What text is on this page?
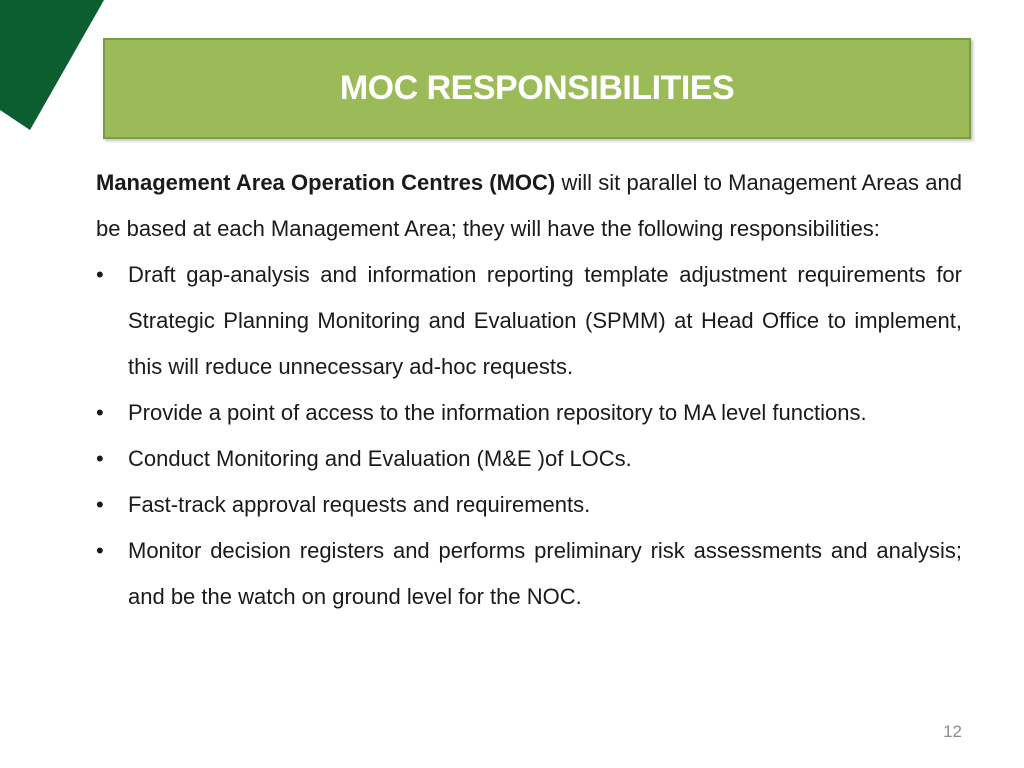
MOC RESPONSIBILITIES

Management Area Operation Centres (MOC) will sit parallel to Management Areas and be based at each Management Area; they will have the following responsibilities:

• Draft gap-analysis and information reporting template adjustment requirements for Strategic Planning Monitoring and Evaluation (SPMM) at Head Office to implement, this will reduce unnecessary ad-hoc requests.
• Provide a point of access to the information repository to MA level functions.
• Conduct Monitoring and Evaluation (M&E )of LOCs.
• Fast-track approval requests and requirements.
• Monitor decision registers and performs preliminary risk assessments and analysis; and be the watch on ground level for the NOC.
12
